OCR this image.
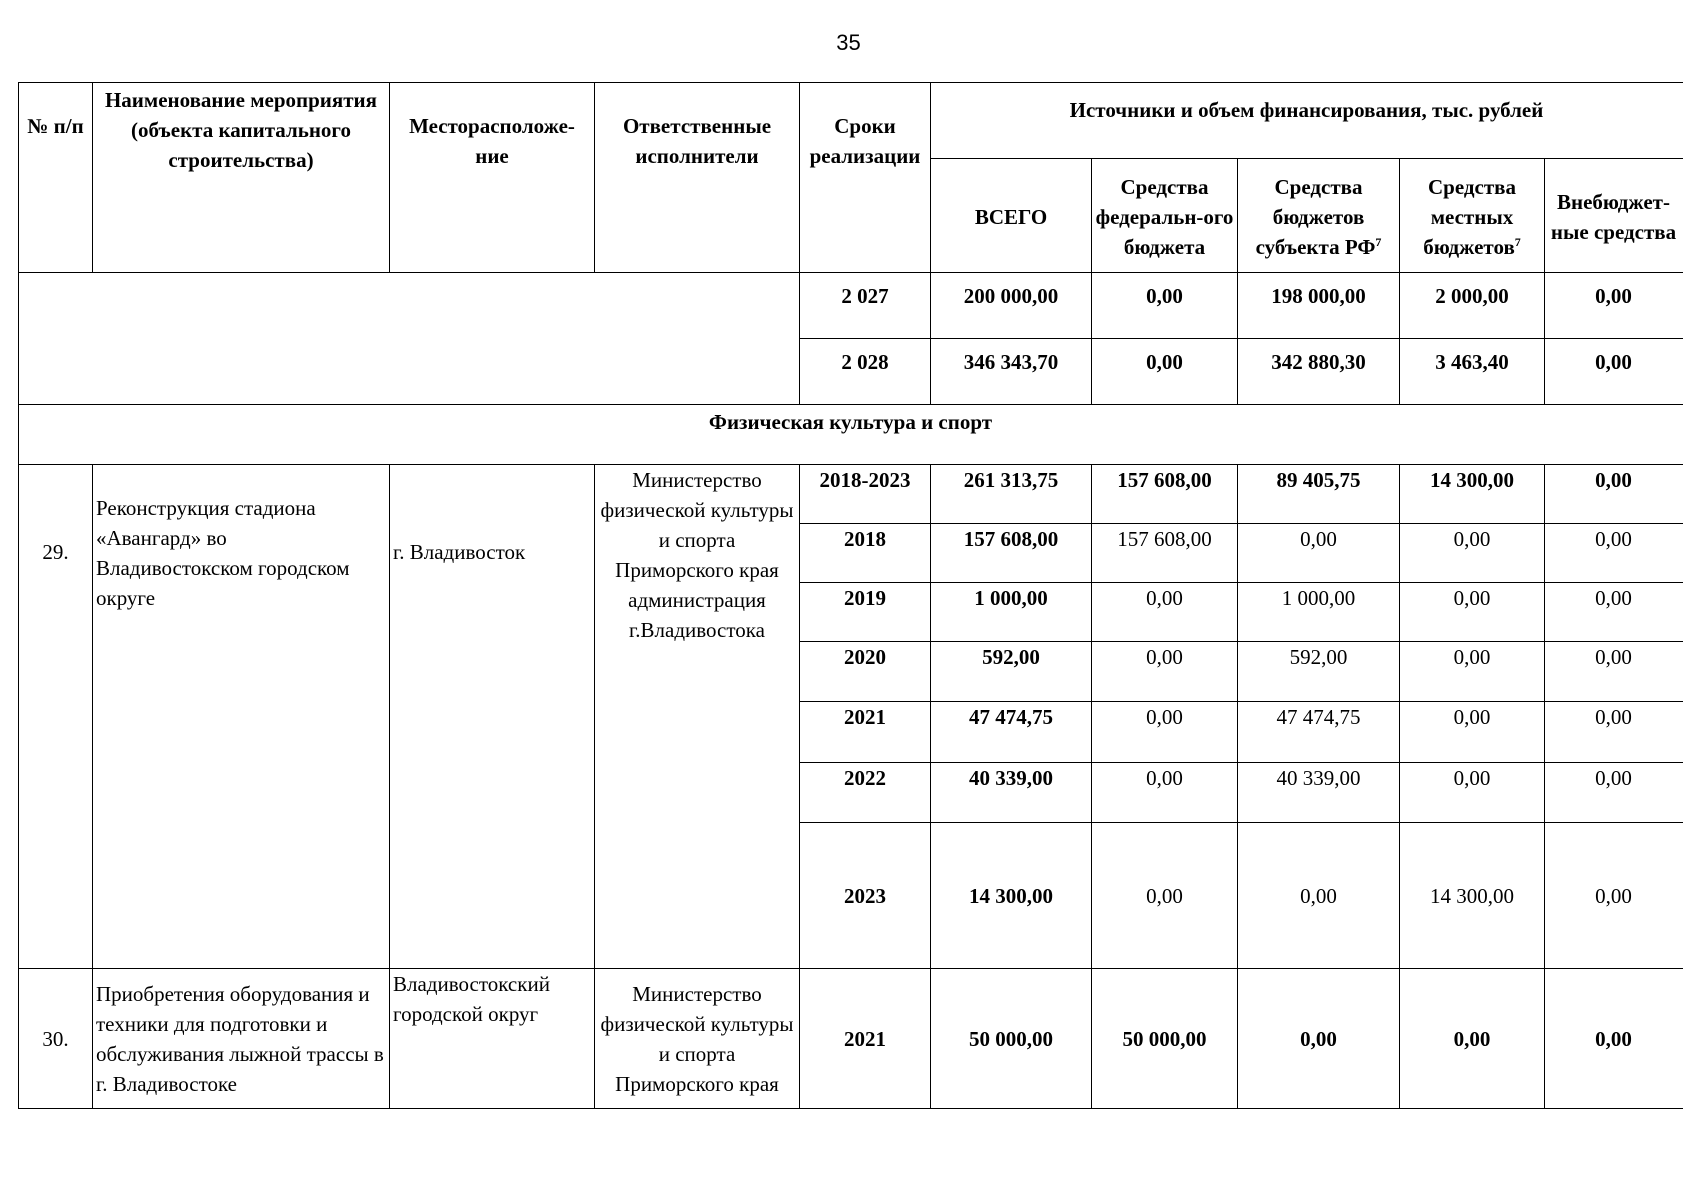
35
№ п/п	Наименование мероприятия (объекта капитального строительства)	Месторасположе-ние	Ответственные исполнители	Сроки реализации	Источники и объем финансирования, тыс. рублей				
					ВСЕГО	Средства федеральн-ого бюджета	Средства бюджетов субъекта $РФ^7$	Средства местных бюджетов$^7$	Внебюджет-ные средства
				2 027	200 000,00	0,00	198 000,00	2 000,00	0,00
				2 028	346 343,70	0,00	342 880,30	3 463,40	0,00
Физическая культура и спорт									
29.	Реконструкция стадиона «Авангард» во Владивостокском городском округе	г. Владивосток	Министерство физической культуры и спорта Приморского края администрация г.Владивостока	2018-2023	261 313,75	157 608,00	89 405,75	14 300,00	0,00
				2018	157 608,00	157 608,00	0,00	0,00	0,00
				2019	1 000,00	0,00	1 000,00	0,00	0,00
				2020	592,00	0,00	592,00	0,00	0,00
				2021	47 474,75	0,00	47 474,75	0,00	0,00
				2022	40 339,00	0,00	40 339,00	0,00	0,00
				2023	14 300,00	0,00	0,00	14 300,00	0,00
30.	Приобретения оборудования и техники для подготовки и обслуживания лыжной трассы в г. Владивостоке	Владивостокский городской округ	Министерство физической культуры и спорта Приморского края	2021	50 000,00	50 000,00	0,00	0,00	0,00
